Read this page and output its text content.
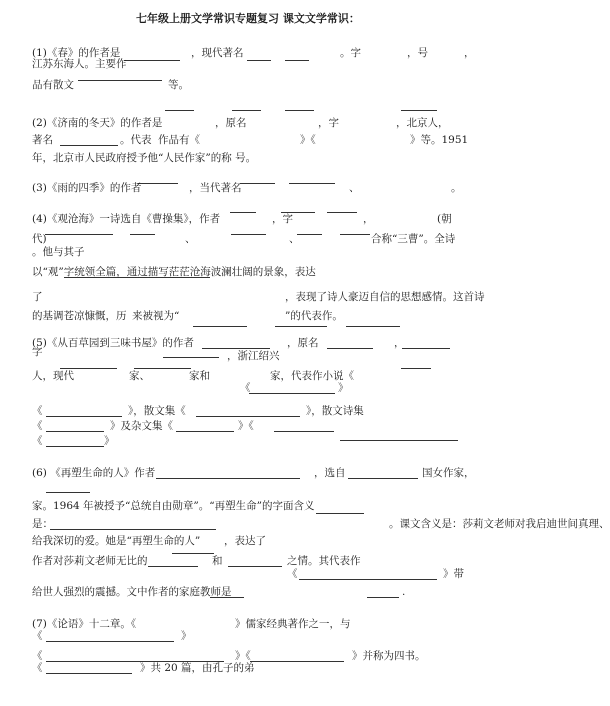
七年级上册文学常识专题复习 课文文学常识：
(1)《春》的作者是	，现代著名	。字	，号	，
江苏东海人。主要作
品有散文	等。
(2)《济南的冬天》的作者是	，原名	，字	，北京人，
著名	。代表 作品有《	》《	》等。1951
年，北京市人民政府授予他“人民作家”的称 号。
(3)《雨的四季》的作者	，当代著名	、	。
(4)《观沧海》一诗选自《曹操集》，作者	，字	，	(朝
代)	、	、	合称“三曹”。全诗
。他与其子
以“观”字统领全篇，通过描写茫茫沧海波澜壮阔的景象，表达
了	，表现了诗人豪迈自信的思想感情。这首诗
的基调苍凉慷慨，历 来被视为“	”的代表作。
(5)《从百草园到三味书屋》的作者	，原名	，
字	，浙江绍兴
人，现代	家、	家和	家，代表作小说《
《	》
《	》，散文集《	》，散文诗集
《	》及杂文集《	》《
《	》
(6) 《再塑生命的人》作者	，选自	国女作家，
家。1964 年被授予“总统自由勋章”。“再塑生命”的字面含义
是：	。课文含义是：莎莉文老师对我启迪世间真理、
给我深切的爱。她是“再塑生命的人” ，表达了
作者对莎莉文老师无比的	和	之情。其代表作
《	》带
给世人强烈的震撼。文中作者的家庭教师是	.
(7)《论语》十二章。《	》儒家经典著作之一，与
《	》
《	》《	》并称为四书。
《	》共 20 篇，由孔子的弟
